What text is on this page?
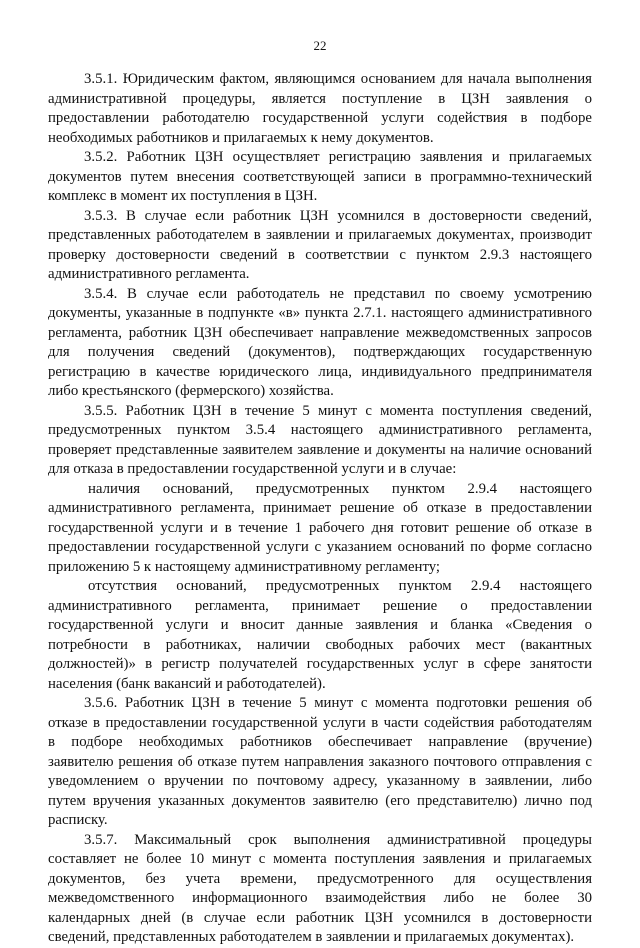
22
3.5.1. Юридическим фактом, являющимся основанием для начала выполнения
административной процедуры, является поступление в ЦЗН заявления о
предоставлении работодателю государственной услуги содействия в подборе
необходимых работников и прилагаемых к нему документов.
3.5.2. Работник ЦЗН осуществляет регистрацию заявления и прилагаемых
документов путем внесения соответствующей записи в программно-технический
комплекс в момент их поступления в ЦЗН.
3.5.3. В случае если работник ЦЗН усомнился в достоверности сведений,
представленных работодателем в заявлении и прилагаемых документах, производит
проверку достоверности сведений в соответствии с пунктом 2.9.3 настоящего
административного регламента.
3.5.4. В случае если работодатель не представил по своему усмотрению
документы, указанные в подпункте «в» пункта 2.7.1. настоящего административного
регламента, работник ЦЗН обеспечивает направление межведомственных запросов
для получения сведений (документов), подтверждающих государственную
регистрацию в качестве юридического лица, индивидуального предпринимателя
либо крестьянского (фермерского) хозяйства.
3.5.5. Работник ЦЗН в течение 5 минут с момента поступления сведений,
предусмотренных пунктом 3.5.4 настоящего административного регламента,
проверяет представленные заявителем заявление и документы на наличие оснований
для отказа в предоставлении государственной услуги и в случае:
наличия оснований, предусмотренных пунктом 2.9.4 настоящего
административного регламента, принимает решение об отказе в предоставлении
государственной услуги и в течение 1 рабочего дня готовит решение об отказе в
предоставлении государственной услуги с указанием оснований по форме согласно
приложению 5 к настоящему административному регламенту;
отсутствия оснований, предусмотренных пунктом 2.9.4 настоящего
административного регламента, принимает решение о предоставлении
государственной услуги и вносит данные заявления и бланка «Сведения о
потребности в работниках, наличии свободных рабочих мест (вакантных
должностей)» в регистр получателей государственных услуг в сфере занятости
населения (банк вакансий и работодателей).
3.5.6. Работник ЦЗН в течение 5 минут с момента подготовки решения об
отказе в предоставлении государственной услуги в части содействия работодателям
в подборе необходимых работников обеспечивает направление (вручение)
заявителю решения об отказе путем направления заказного почтового отправления с
уведомлением о вручении по почтовому адресу, указанному в заявлении, либо
путем вручения указанных документов заявителю (его представителю) лично под
расписку.
3.5.7. Максимальный срок выполнения административной процедуры
составляет не более 10 минут с момента поступления заявления и прилагаемых
документов, без учета времени, предусмотренного для осуществления
межведомственного информационного взаимодействия либо не более 30
календарных дней (в случае если работник ЦЗН усомнился в достоверности
сведений, представленных работодателем в заявлении и прилагаемых документах).
